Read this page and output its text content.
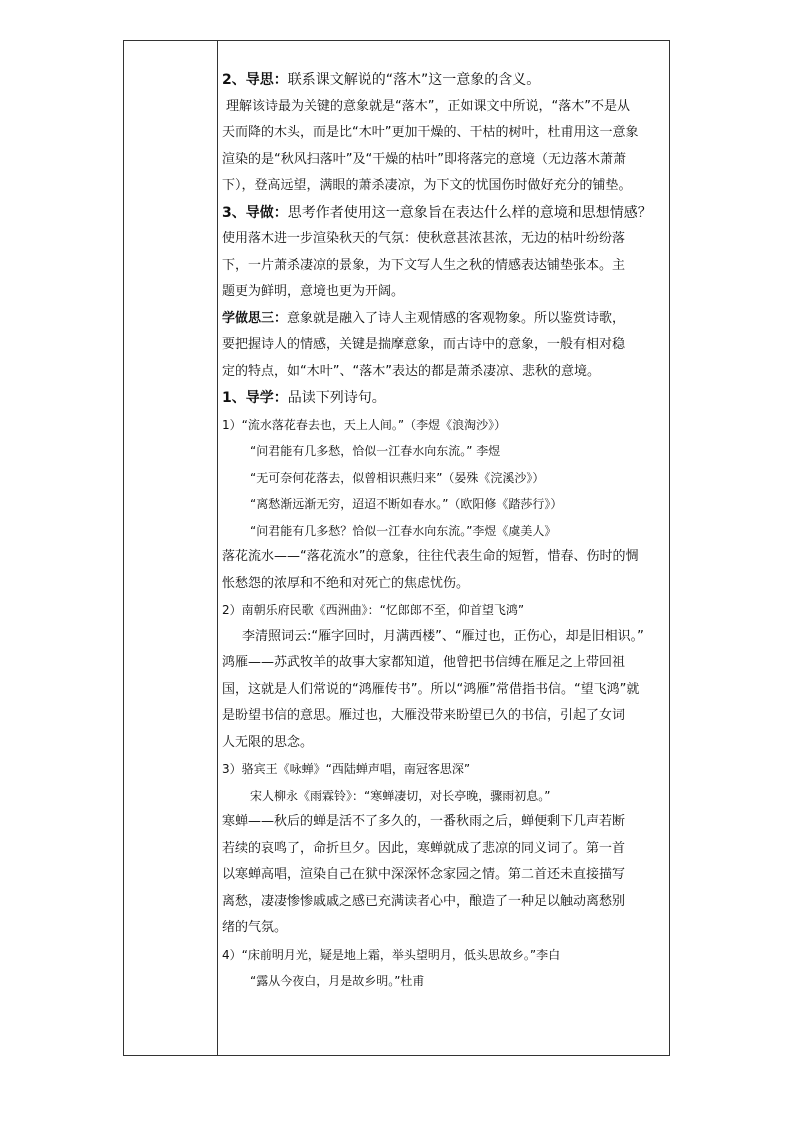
2、导思：联系课文解说的“落木”这一意象的含义。
理解该诗最为关键的意象就是“落木”，正如课文中所说，“落木”不是从
天而降的木头，而是比“木叶”更加干燥的、干枯的树叶，杜甫用这一意象
渲染的是“秋风扫落叶”及“干燥的枯叶”即将落完的意境（无边落木萧萧
下），登高远望，满眼的萧杀凄凉，为下文的忧国伤时做好充分的铺垫。
3、导做：思考作者使用这一意象旨在表达什么样的意境和思想情感？
使用落木进一步渲染秋天的气氛：使秋意甚浓甚浓，无边的枯叶纷纷落
下，一片萧杀凄凉的景象，为下文写人生之秋的情感表达铺垫张本。主
题更为鲜明，意境也更为开阔。
学做思三：意象就是融入了诗人主观情感的客观物象。所以鉴赏诗歌，
要把握诗人的情感，关键是揣摩意象，而古诗中的意象，一般有相对稳
定的特点，如“木叶”、“落木”表达的都是萧杀凄凉、悲秋的意境。
1、导学：品读下列诗句。
1）“流水落花春去也，天上人间。”（李煜《浪淘沙》）
“问君能有几多愁，恰似一江春水向东流。” 李煜
“无可奈何花落去，似曾相识燕归来”（晏殊《浣溪沙》）
“离愁渐远渐无穷，迢迢不断如春水。”（欧阳修《踏莎行》）
“问君能有几多愁？恰似一江春水向东流。”李煜《虞美人》
落花流水——“落花流水”的意象，往往代表生命的短暂，惜春、伤时的惆
怅愁怨的浓厚和不绝和对死亡的焦虑忧伤。
2）南朝乐府民歌《西洲曲》：“忆郎郎不至，仰首望飞鸿”
李清照词云:“雁字回时，月满西楼”、“雁过也，正伤心，却是旧相识。”
鸿雁——苏武牧羊的故事大家都知道，他曾把书信缚在雁足之上带回祖
国，这就是人们常说的“鸿雁传书”。所以“鸿雁”常借指书信。“望飞鸿”就
是盼望书信的意思。雁过也，大雁没带来盼望已久的书信，引起了女词
人无限的思念。
3）骆宾王《咏蝉》“西陆蝉声唱，南冠客思深”
宋人柳永《雨霖铃》：“寒蝉凄切，对长亭晚，骤雨初息。”
寒蝉——秋后的蝉是活不了多久的，一番秋雨之后，蝉便剩下几声若断
若续的哀鸣了，命折旦夕。因此，寒蝉就成了悲凉的同义词了。第一首
以寒蝉高唱，渲染自己在狱中深深怀念家园之情。第二首还未直接描写
离愁，凄凄惨惨戚戚之感已充满读者心中，酿造了一种足以触动离愁别
绪的气氛。
4）“床前明月光，疑是地上霜，举头望明月，低头思故乡。”李白
“露从今夜白，月是故乡明。”杜甫
